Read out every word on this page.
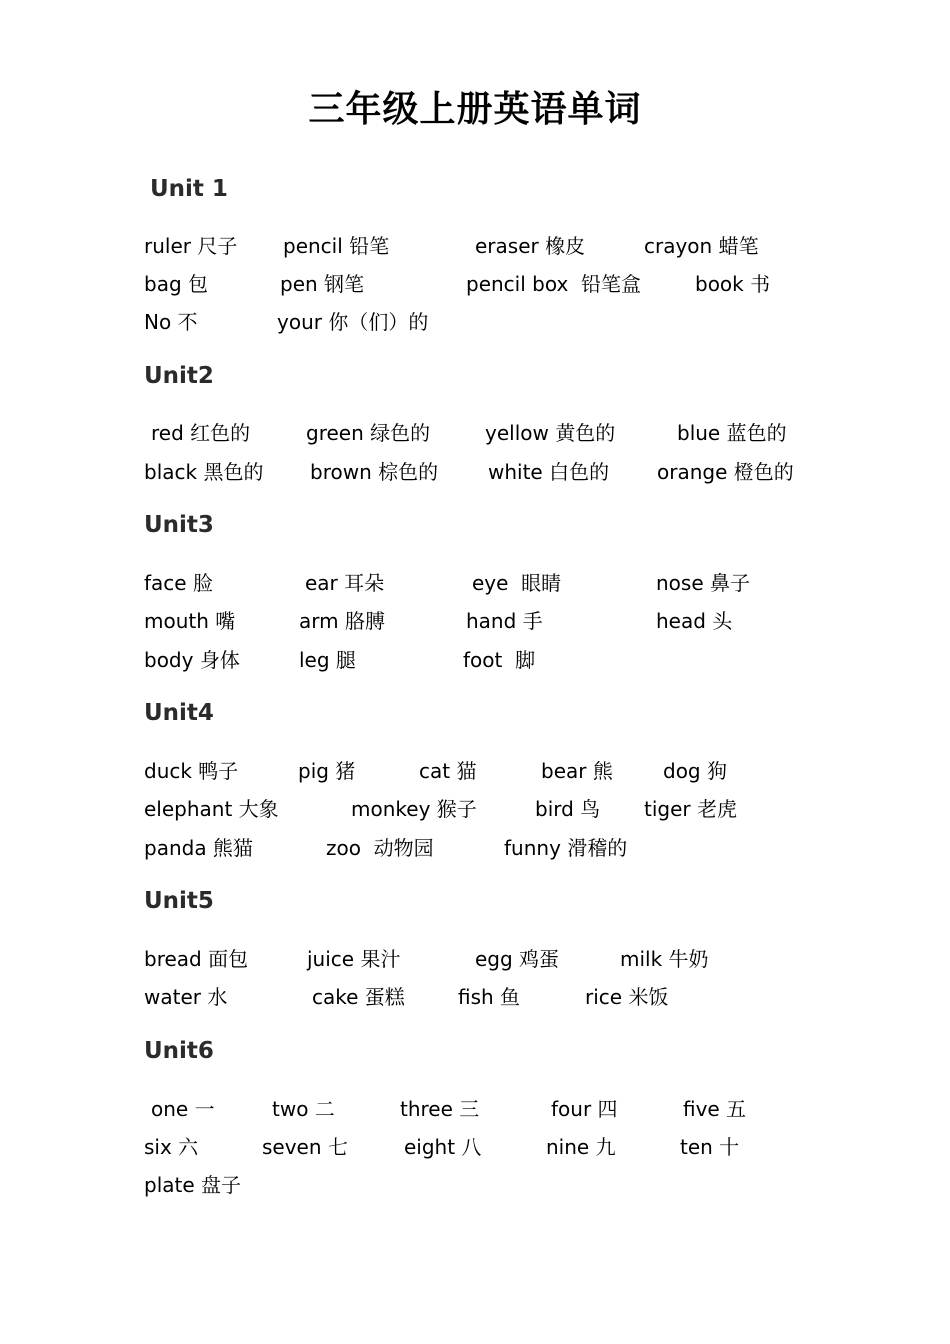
三年级上册英语单词
Unit 1
ruler 尺子 pencil 铅笔	eraser 橡皮	crayon 蜡笔
bag 包	pen 钢笔	pencil box  铅笔盒	book 书
No 不	your 你（们）的
Unit2
red 红色的	green 绿色的	yellow 黄色的	blue 蓝色的
black 黑色的 brown 棕色的 white 白色的 orange 橙色的
Unit3
face 脸	ear 耳朵	eye  眼睛	nose 鼻子
mouth 嘴	arm 胳膊	hand 手	head 头
body 身体	leg 腿	foot  脚
Unit4
duck 鸭子	pig 猪	cat 猫	bear 熊	dog 狗
elephant 大象	monkey 猴子	bird 鸟 tiger 老虎
panda 熊猫	zoo  动物园	funny 滑稽的
Unit5
bread 面包	juice 果汁	egg 鸡蛋	milk 牛奶
water 水	cake 蛋糕	fish 鱼	rice 米饭
Unit6
one 一	two 二	three 三	four 四	five 五
six 六	seven 七	eight 八	nine 九	ten 十
plate 盘子
